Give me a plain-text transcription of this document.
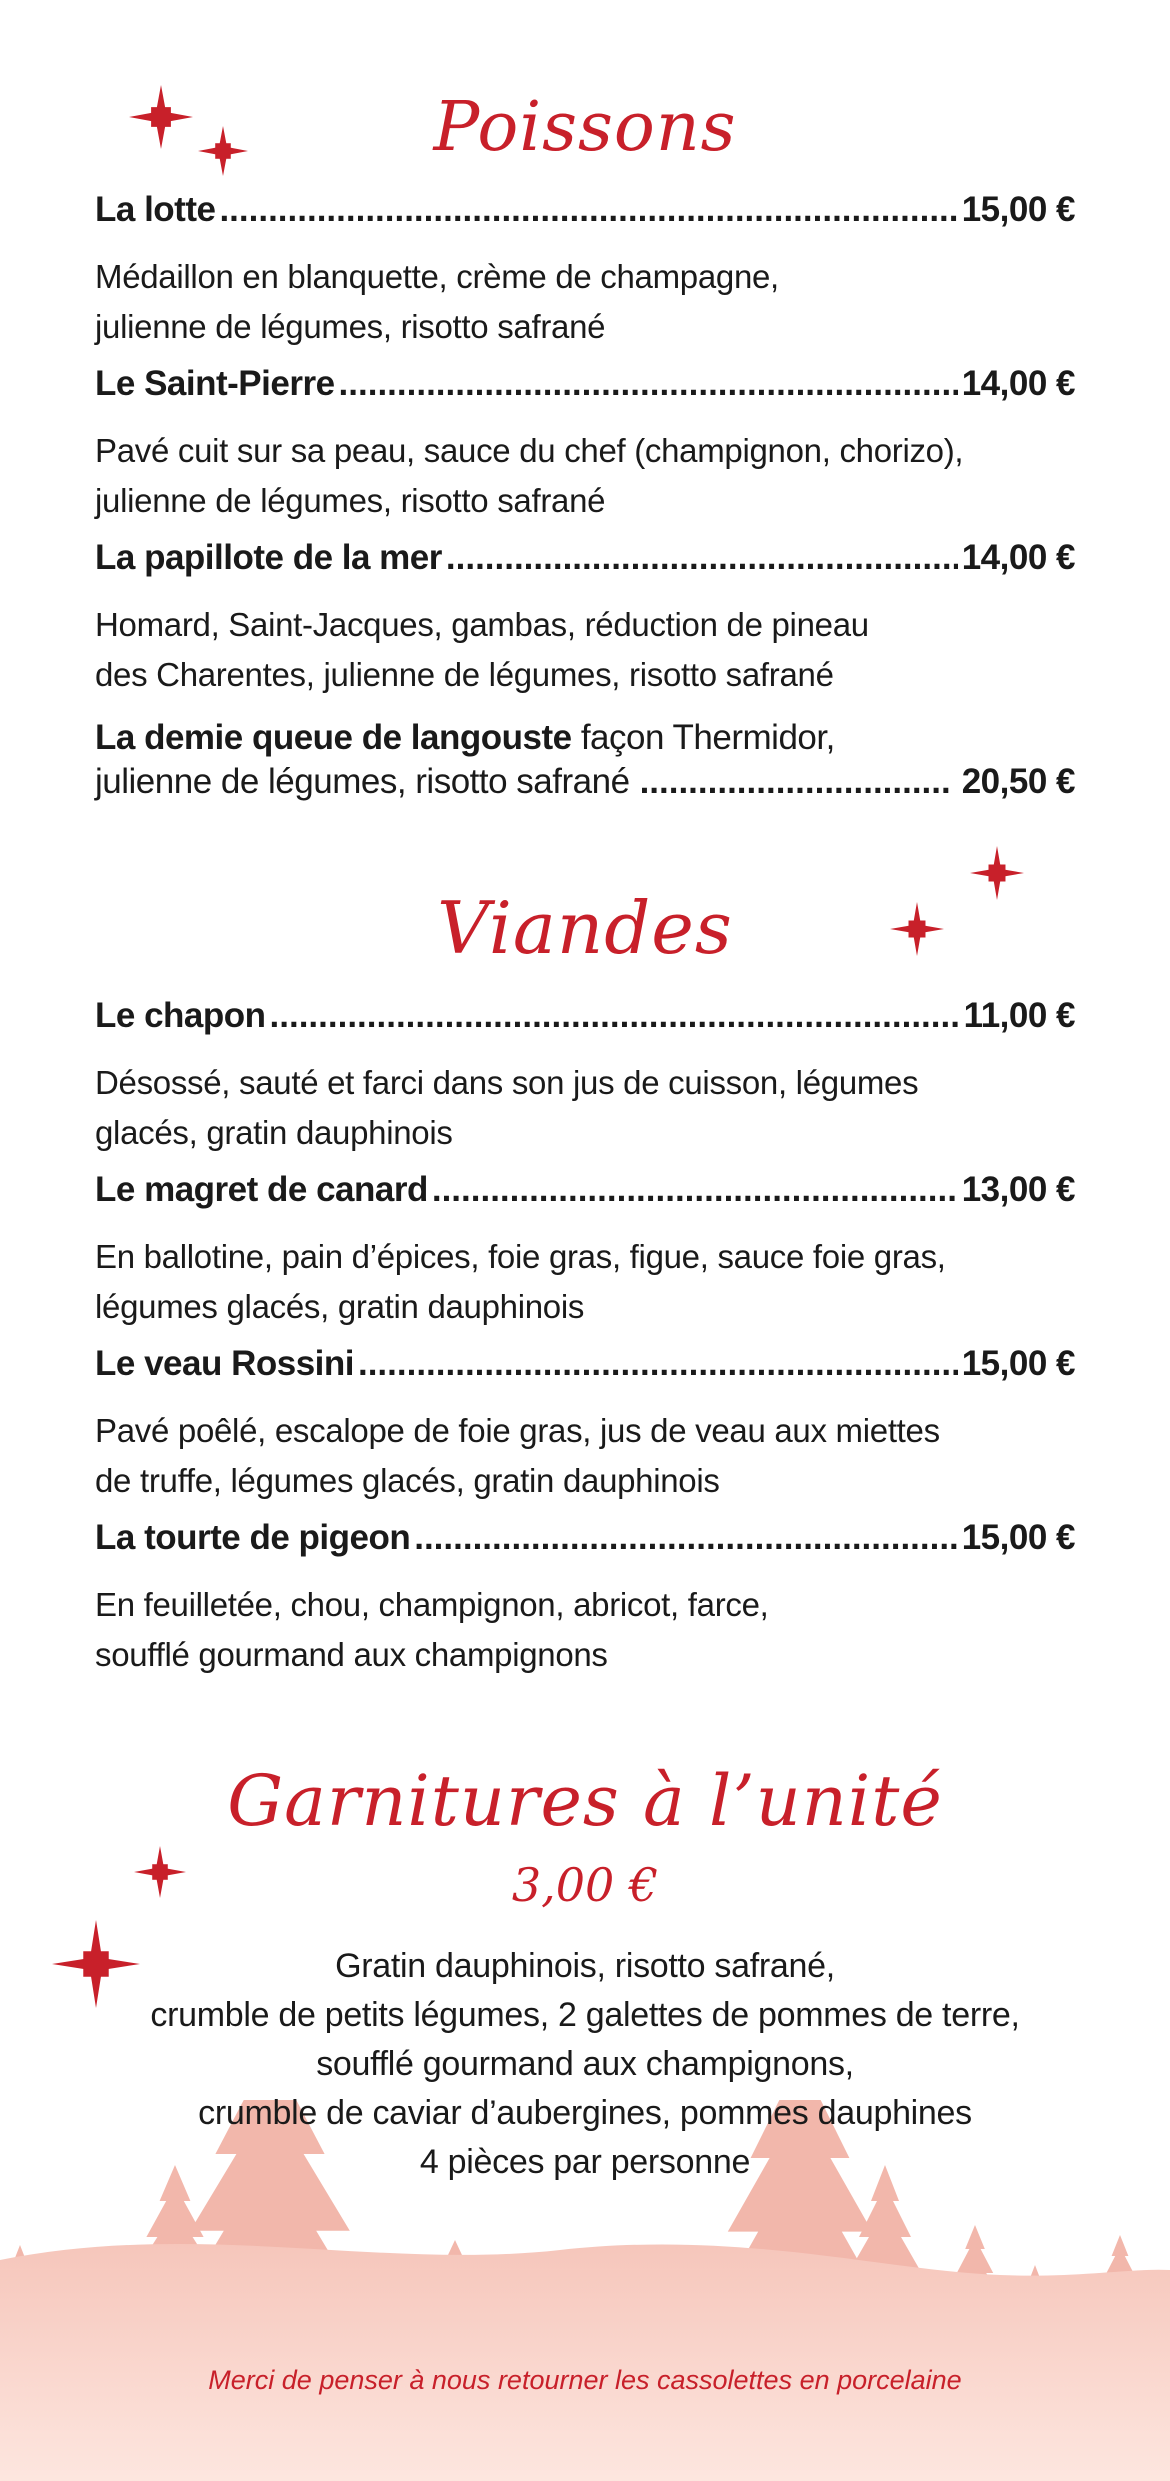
Poissons
La lotte .....	15,00 €
Médaillon en blanquette, crème de champagne,
julienne de légumes, risotto safrané
Le Saint-Pierre .....	14,00 €
Pavé cuit sur sa peau, sauce du chef (champignon, chorizo),
julienne de légumes, risotto safrané
La papillote de la mer .....	14,00 €
Homard, Saint-Jacques, gambas, réduction de pineau
des Charentes, julienne de légumes, risotto safrané
La demie queue de langouste façon Thermidor,
julienne de légumes, risotto safrané .....	20,50 €
Viandes
Le chapon .....	11,00 €
Désossé, sauté et farci dans son jus de cuisson, légumes
glacés, gratin dauphinois
Le magret de canard .....	13,00 €
En ballotine, pain d’épices, foie gras, figue, sauce foie gras,
légumes glacés, gratin dauphinois
Le veau Rossini .....	15,00 €
Pavé poêlé, escalope de foie gras, jus de veau aux miettes
de truffe, légumes glacés, gratin dauphinois
La tourte de pigeon .....	15,00 €
En feuilletée, chou, champignon, abricot, farce,
soufflé gourmand aux champignons
Garnitures à l’unité
3,00 €
Gratin dauphinois, risotto safrané,
crumble de petits légumes, 2 galettes de pommes de terre,
soufflé gourmand aux champignons,
crumble de caviar d’aubergines, pommes dauphines
4 pièces par personne
Merci de penser à nous retourner les cassolettes en porcelaine
